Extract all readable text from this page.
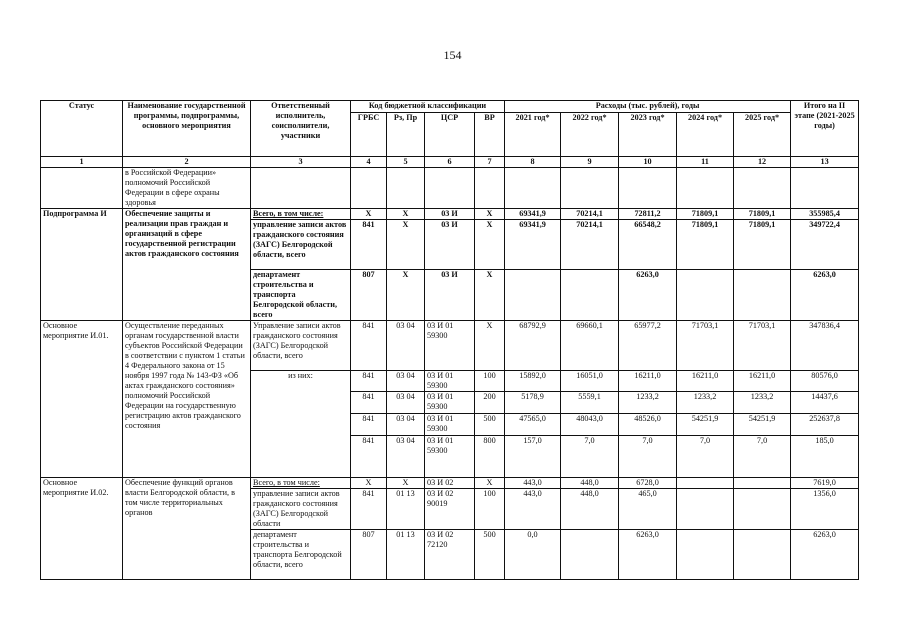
154
Статус	Наименование государственной программы, подпрограммы, основного мероприятия	Ответственный исполнитель, соисполнители, участники	Код бюджетной классификации				Расходы (тыс. рублей), годы					Итого на II этапе (2021-2025 годы)
			ГРБС	Рз, Пр	ЦСР	ВР	2021 год*	2022 год*	2023 год*	2024 год*	2025 год*	
1	2	3	4	5	6	7	8	9	10	11	12	13
	в Российской Федерации» полномочий Российской Федерации в сфере охраны здоровья											
Подпрограмма И	Обеспечение защиты и реализации прав граждан и организаций в сфере государственной регистрации актов гражданского состояния	Всего, в том числе:	X	X	03 И	X	69341,9	70214,1	72811,2	71809,1	71809,1	355985,4
		управление записи актов гражданского состояния (ЗАГС) Белгородской области, всего	841	X	03 И	X	69341,9	70214,1	66548,2	71809,1	71809,1	349722,4
		департамент строительства и транспорта Белгородской области, всего	807	X	03 И	X			6263,0			6263,0
Основное мероприятие И.01.	Осуществление переданных органам государственной власти субъектов Российской Федерации в соответствии с пунктом 1 статьи 4 Федерального закона от 15 ноября 1997 года № 143-ФЗ «Об актах гражданского состояния» полномочий Российской Федерации на государственную регистрацию актов гражданского состояния	Управление записи актов гражданского состояния (ЗАГС) Белгородской области, всего	841	03 04	03 И 01 59300	X	68792,9	69660,1	65977,2	71703,1	71703,1	347836,4
		из них:	841	03 04	03 И 01 59300	100	15892,0	16051,0	16211,0	16211,0	16211,0	80576,0
			841	03 04	03 И 01 59300	200	5178,9	5559,1	1233,2	1233,2	1233,2	14437,6
			841	03 04	03 И 01 59300	500	47565,0	48043,0	48526,0	54251,9	54251,9	252637,8
			841	03 04	03 И 01 59300	800	157,0	7,0	7,0	7,0	7,0	185,0
Основное мероприятие И.02.	Обеспечение функций органов власти Белгородской области, в том числе территориальных органов	Всего, в том числе:	X	X	03 И 02	X	443,0	448,0	6728,0			7619,0
		управление записи актов гражданского состояния (ЗАГС) Белгородской области	841	01 13	03 И 02 90019	100	443,0	448,0	465,0			1356,0
		департамент строительства и транспорта Белгородской области, всего	807	01 13	03 И 02 72120	500	0,0		6263,0			6263,0
